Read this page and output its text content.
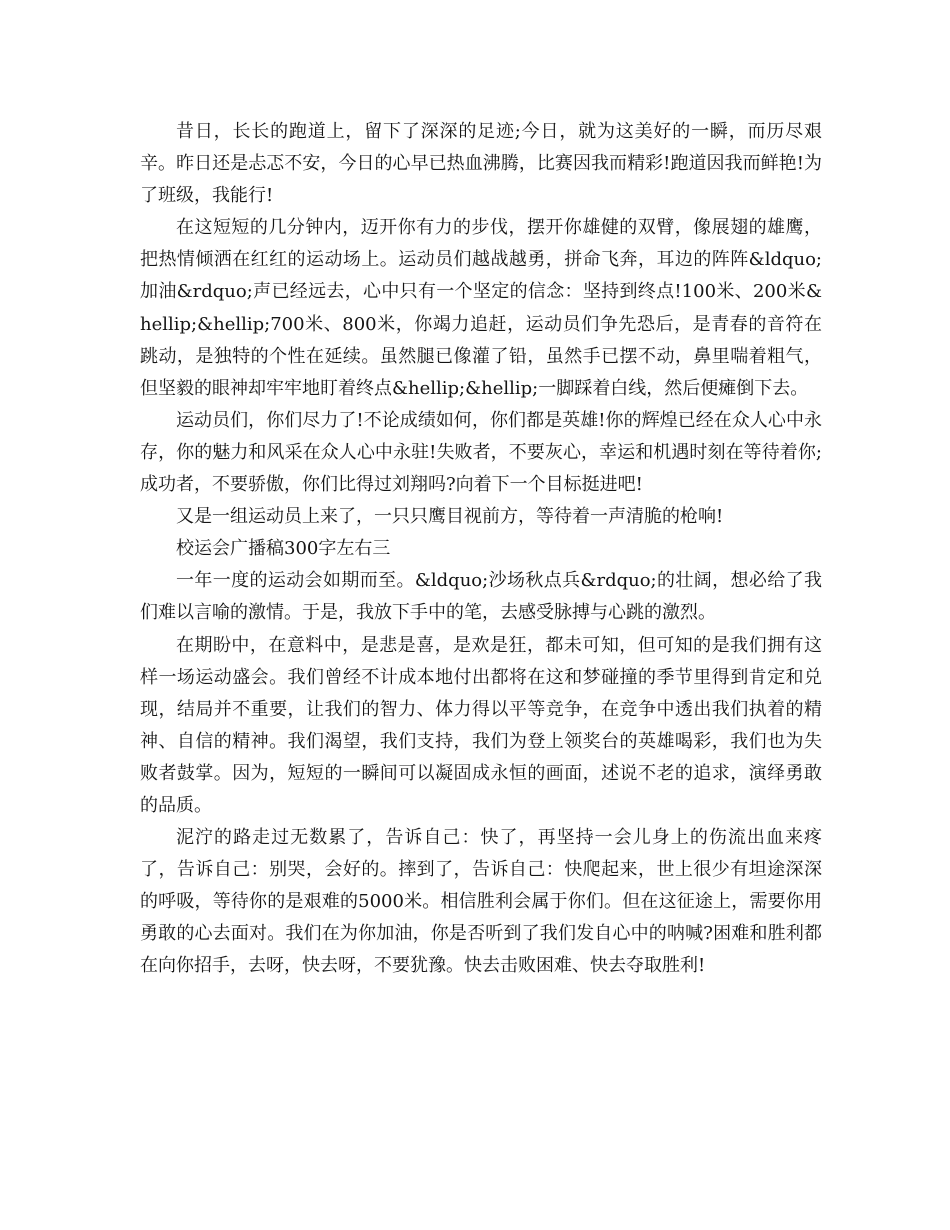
昔日，长长的跑道上，留下了深深的足迹;今日，就为这美好的一瞬，而历尽艰辛。昨日还是忐忑不安，今日的心早已热血沸腾，比赛因我而精彩!跑道因我而鲜艳!为了班级，我能行!

在这短短的几分钟内，迈开你有力的步伐，摆开你雄健的双臂，像展翅的雄鹰，把热情倾洒在红红的运动场上。运动员们越战越勇，拼命飞奔，耳边的阵阵&ldquo;加油&rdquo;声已经远去，心中只有一个坚定的信念：坚持到终点!100米、200米&hellip;&hellip;700米、800米，你竭力追赶，运动员们争先恐后，是青春的音符在跳动，是独特的个性在延续。虽然腿已像灌了铅，虽然手已摆不动，鼻里喘着粗气，但坚毅的眼神却牢牢地盯着终点&hellip;&hellip;一脚踩着白线，然后便瘫倒下去。

运动员们，你们尽力了!不论成绩如何，你们都是英雄!你的辉煌已经在众人心中永存，你的魅力和风采在众人心中永驻!失败者，不要灰心，幸运和机遇时刻在等待着你;成功者，不要骄傲，你们比得过刘翔吗?向着下一个目标挺进吧!

又是一组运动员上来了，一只只鹰目视前方，等待着一声清脆的枪响!

校运会广播稿300字左右三

一年一度的运动会如期而至。&ldquo;沙场秋点兵&rdquo;的壮阔，想必给了我们难以言喻的激情。于是，我放下手中的笔，去感受脉搏与心跳的激烈。

在期盼中，在意料中，是悲是喜，是欢是狂，都未可知，但可知的是我们拥有这样一场运动盛会。我们曾经不计成本地付出都将在这和梦碰撞的季节里得到肯定和兑现，结局并不重要，让我们的智力、体力得以平等竞争，在竞争中透出我们执着的精神、自信的精神。我们渴望，我们支持，我们为登上领奖台的英雄喝彩，我们也为失败者鼓掌。因为，短短的一瞬间可以凝固成永恒的画面，述说不老的追求，演绎勇敢的品质。

泥泞的路走过无数累了，告诉自己：快了，再坚持一会儿身上的伤流出血来疼了，告诉自己：别哭，会好的。摔到了，告诉自己：快爬起来，世上很少有坦途深深的呼吸，等待你的是艰难的5000米。相信胜利会属于你们。但在这征途上，需要你用勇敢的心去面对。我们在为你加油，你是否听到了我们发自心中的呐喊?困难和胜利都在向你招手，去呀，快去呀，不要犹豫。快去击败困难、快去夺取胜利!
